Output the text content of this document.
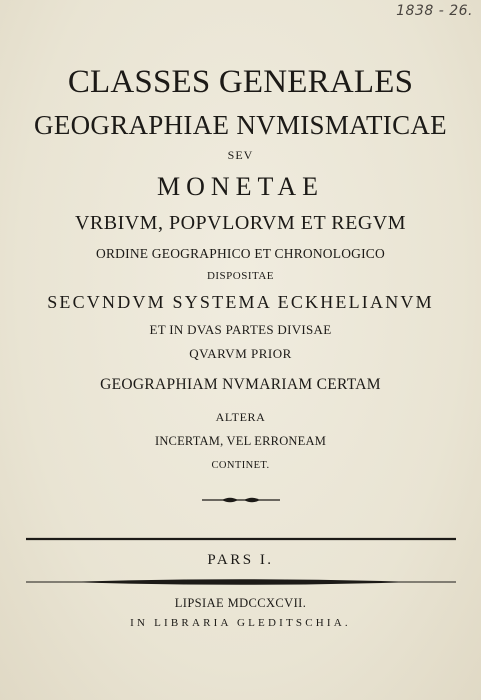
1838 - 26.
CLASSES GENERALES
GEOGRAPHIAE NVMISMATICAE
SEV
MONETAE
VRBIVM, POPVLORVM ET REGVM
ORDINE GEOGRAPHICO ET CHRONOLOGICO
DISPOSITAE
SECVNDVM SYSTEMA ECKHELIANVM
ET IN DVAS PARTES DIVISAE
QVARVM PRIOR
GEOGRAPHIAM NVMARIAM CERTAM
ALTERA
INCERTAM, VEL ERRONEAM
CONTINET.
PARS I.
LIPSIAE MDCCXCVII.
IN LIBRARIA GLEDITSCHIA.
